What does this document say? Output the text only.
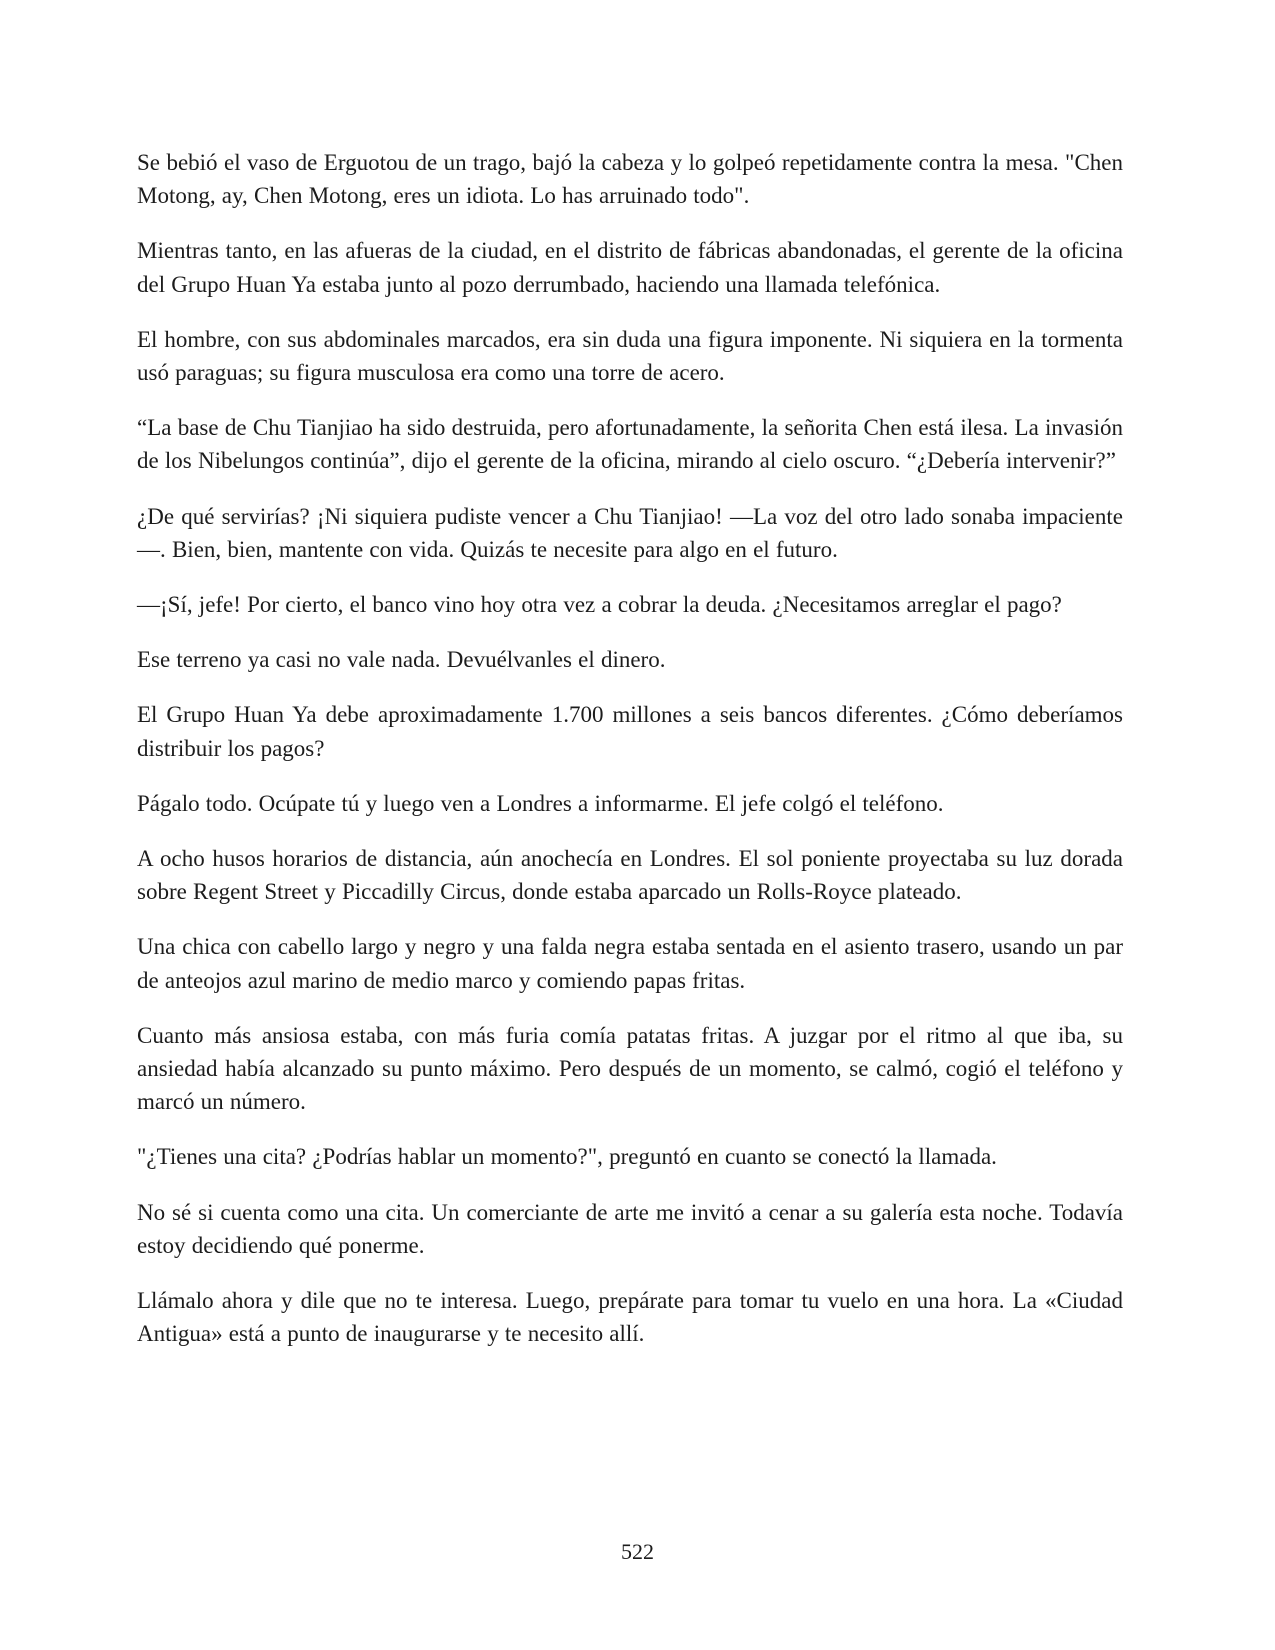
Se bebió el vaso de Erguotou de un trago, bajó la cabeza y lo golpeó repetidamente contra la mesa. "Chen Motong, ay, Chen Motong, eres un idiota. Lo has arruinado todo".

Mientras tanto, en las afueras de la ciudad, en el distrito de fábricas abandonadas, el gerente de la oficina del Grupo Huan Ya estaba junto al pozo derrumbado, haciendo una llamada telefónica.

El hombre, con sus abdominales marcados, era sin duda una figura imponente. Ni siquiera en la tormenta usó paraguas; su figura musculosa era como una torre de acero.

“La base de Chu Tianjiao ha sido destruida, pero afortunadamente, la señorita Chen está ilesa. La invasión de los Nibelungos continúa”, dijo el gerente de la oficina, mirando al cielo oscuro. “¿Debería intervenir?”

¿De qué servirías? ¡Ni siquiera pudiste vencer a Chu Tianjiao! —La voz del otro lado sonaba impaciente—. Bien, bien, mantente con vida. Quizás te necesite para algo en el futuro.

—¡Sí, jefe! Por cierto, el banco vino hoy otra vez a cobrar la deuda. ¿Necesitamos arreglar el pago?

Ese terreno ya casi no vale nada. Devuélvanles el dinero.

El Grupo Huan Ya debe aproximadamente 1.700 millones a seis bancos diferentes. ¿Cómo deberíamos distribuir los pagos?

Págalo todo. Ocúpate tú y luego ven a Londres a informarme. El jefe colgó el teléfono.

A ocho husos horarios de distancia, aún anochecía en Londres. El sol poniente proyectaba su luz dorada sobre Regent Street y Piccadilly Circus, donde estaba aparcado un Rolls-Royce plateado.

Una chica con cabello largo y negro y una falda negra estaba sentada en el asiento trasero, usando un par de anteojos azul marino de medio marco y comiendo papas fritas.

Cuanto más ansiosa estaba, con más furia comía patatas fritas. A juzgar por el ritmo al que iba, su ansiedad había alcanzado su punto máximo. Pero después de un momento, se calmó, cogió el teléfono y marcó un número.

"¿Tienes una cita? ¿Podrías hablar un momento?", preguntó en cuanto se conectó la llamada.

No sé si cuenta como una cita. Un comerciante de arte me invitó a cenar a su galería esta noche. Todavía estoy decidiendo qué ponerme.

Llámalo ahora y dile que no te interesa. Luego, prepárate para tomar tu vuelo en una hora. La «Ciudad Antigua» está a punto de inaugurarse y te necesito allí.

522
